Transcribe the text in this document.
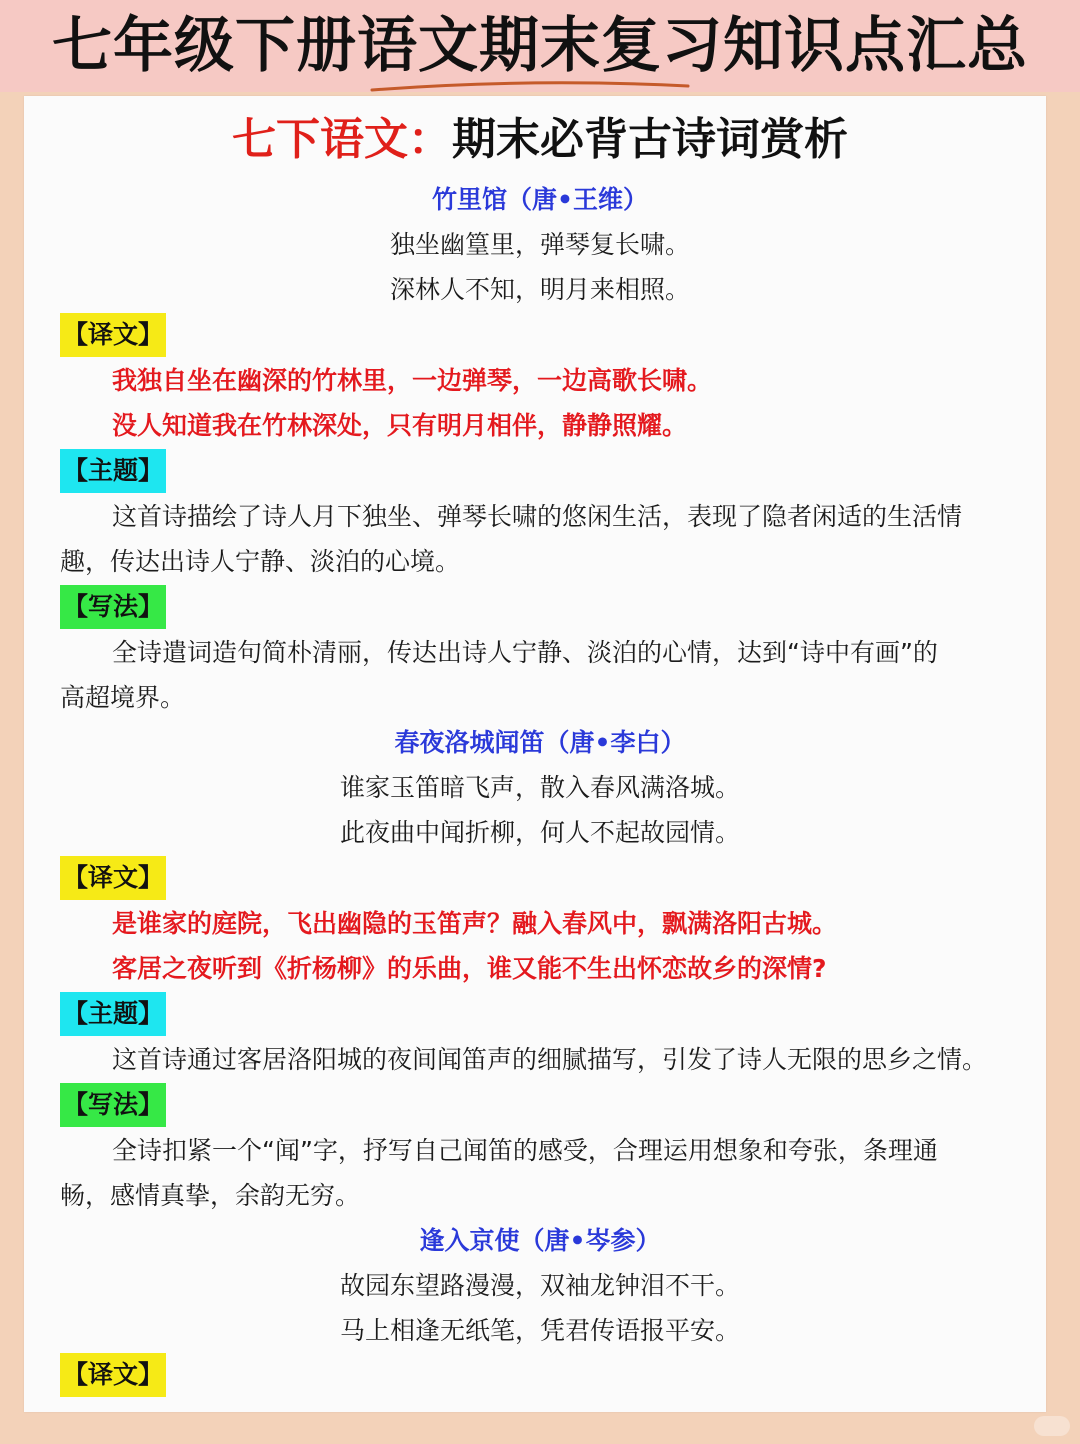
七年级下册语文期末复习知识点汇总
七下语文：期末必背古诗词赏析
竹里馆（唐•王维）
独坐幽篁里，弹琴复长啸。
深林人不知，明月来相照。
【译文】
我独自坐在幽深的竹林里，一边弹琴，一边高歌长啸。
没人知道我在竹林深处，只有明月相伴，静静照耀。
【主题】
这首诗描绘了诗人月下独坐、弹琴长啸的悠闲生活，表现了隐者闲适的生活情
趣，传达出诗人宁静、淡泊的心境。
【写法】
全诗遣词造句简朴清丽，传达出诗人宁静、淡泊的心情，达到“诗中有画”的
高超境界。
春夜洛城闻笛（唐•李白）
谁家玉笛暗飞声，散入春风满洛城。
此夜曲中闻折柳，何人不起故园情。
【译文】
是谁家的庭院，飞出幽隐的玉笛声？融入春风中，飘满洛阳古城。
客居之夜听到《折杨柳》的乐曲，谁又能不生出怀恋故乡的深情?
【主题】
这首诗通过客居洛阳城的夜间闻笛声的细腻描写，引发了诗人无限的思乡之情。
【写法】
全诗扣紧一个“闻”字，抒写自己闻笛的感受，合理运用想象和夸张，条理通
畅，感情真挚，余韵无穷。
逢入京使（唐•岑参）
故园东望路漫漫，双袖龙钟泪不干。
马上相逢无纸笔，凭君传语报平安。
【译文】
